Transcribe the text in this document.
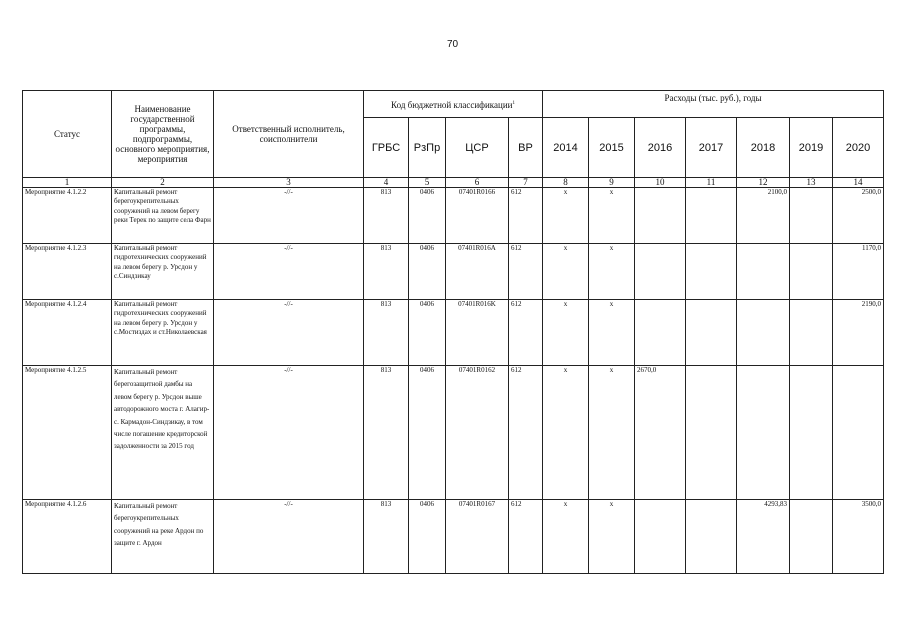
70
Статус	Наименование государственной программы, подпрограммы, основного мероприятия, мероприятия	Ответственный исполнитель, соисполнители	Код бюджетной классификации$^1$				Расходы (тыс. руб.), годы						
			ГРБС	РзПр	ЦСР	ВР	2014	2015	2016	2017	2018	2019	2020
1	2	3	4	5	6	7	8	9	10	11	12	13	14
Мероприятие 4.1.2.2	Капитальный ремонт берегоукрепительных сооружений на левом берегу реки Терек по защите села Фарн	-//-	813	0406	07401R0166	612	x	x			2100,0		2500,0
Мероприятие 4.1.2.3	Капитальный ремонт гидротехнических сооружений на левом берегу р. Урсдон у с.Синдзикау	-//-	813	0406	07401R016A	612	x	x					1170,0
Мероприятие 4.1.2.4	Капитальный ремонт гидротехнических сооружений на левом берегу р. Урсдон у с.Мостиздах и ст.Николаевская	-//-	813	0406	07401R016K	612	x	x					2190,0
Мероприятие 4.1.2.5	Капитальный ремонт берегозащитной дамбы на левом берегу р. Урсдон выше автодорожного моста г. Алагир- с. Кармадон-Синдзикау, в том числе погашение кредиторской задолженности за 2015 год	-//-	813	0406	07401R0162	612	x	x	2670,0				
Мероприятие 4.1.2.6	Капитальный ремонт берегоукрепительных сооружений на реке Ардон по защите г. Ардон	-//-	813	0406	07401R0167	612	x	x			4293,83		3500,0
